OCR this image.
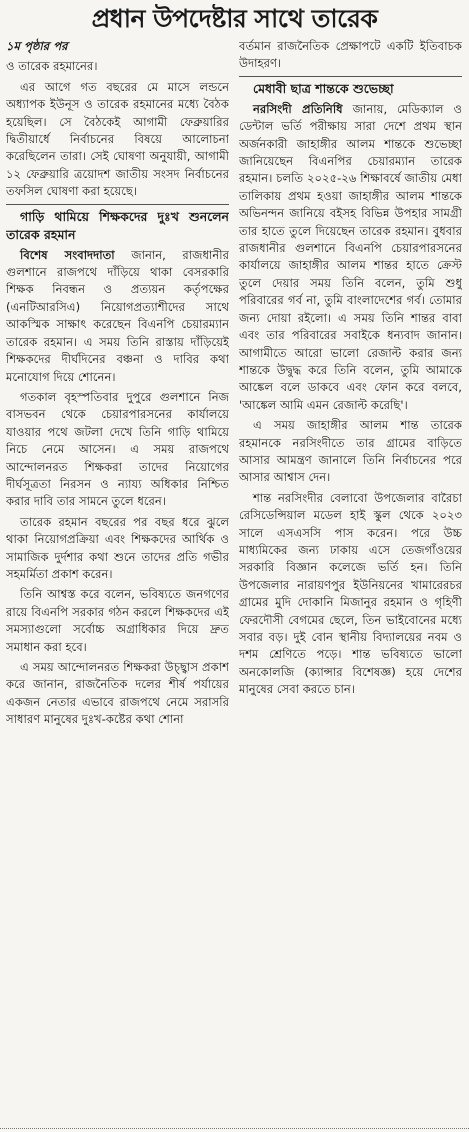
প্রধান উপদেষ্টার সাথে তারেক

১ম পৃষ্ঠার পর

ও তারেক রহমানের।

এর আগে গত বছরের মে মাসে লন্ডনে অধ্যাপক ইউনূস ও তারেক রহমানের মধ্যে বৈঠক হয়েছিল। সে বৈঠকেই আগামী ফেব্রুয়ারির দ্বিতীয়ার্ধে নির্বাচনের বিষয়ে আলোচনা করেছিলেন তারা। সেই ঘোষণা অনুযায়ী, আগামী ১২ ফেব্রুয়ারি ত্রয়োদশ জাতীয় সংসদ নির্বাচনের তফসিল ঘোষণা করা হয়েছে।

গাড়ি থামিয়ে শিক্ষকদের দুঃখ শুনলেন তারেক রহমান

বিশেষ সংবাদদাতা জানান, রাজধানীর গুলশানে রাজপথে দাঁড়িয়ে থাকা বেসরকারি শিক্ষক নিবন্ধন ও প্রত্যয়ন কর্তৃপক্ষের (এনটিআরসিএ) নিয়োগপ্রত্যাশীদের সাথে আকস্মিক সাক্ষাৎ করেছেন বিএনপি চেয়ারম্যান তারেক রহমান। এ সময় তিনি রাস্তায় দাঁড়িয়েই শিক্ষকদের দীর্ঘদিনের বঞ্চনা ও দাবির কথা মনোযোগ দিয়ে শোনেন।

গতকাল বৃহস্পতিবার দুপুরে গুলশানে নিজ বাসভবন থেকে চেয়ারপারসনের কার্যালয়ে যাওয়ার পথে জটলা দেখে তিনি গাড়ি থামিয়ে নিচে নেমে আসেন। এ সময় রাজপথে আন্দোলনরত শিক্ষকরা তাদের নিয়োগের দীর্ঘসূত্রতা নিরসন ও ন্যায্য অধিকার নিশ্চিত করার দাবি তার সামনে তুলে ধরেন।

তারেক রহমান বছরের পর বছর ধরে ঝুলে থাকা নিয়োগপ্রক্রিয়া এবং শিক্ষকদের আর্থিক ও সামাজিক দুর্দশার কথা শুনে তাদের প্রতি গভীর সহমর্মিতা প্রকাশ করেন।

তিনি আশ্বস্ত করে বলেন, ভবিষ্যতে জনগণের রায়ে বিএনপি সরকার গঠন করলে শিক্ষকদের এই সমস্যাগুলো সর্বোচ্চ অগ্রাধিকার দিয়ে দ্রুত সমাধান করা হবে।

এ সময় আন্দোলনরত শিক্ষকরা উচ্ছ্বাস প্রকাশ করে জানান, রাজনৈতিক দলের শীর্ষ পর্যায়ের একজন নেতার এভাবে রাজপথে নেমে সরাসরি সাধারণ মানুষের দুঃখ-কষ্টের কথা শোনা

বর্তমান রাজনৈতিক প্রেক্ষাপটে একটি ইতিবাচক উদাহরণ।

মেধাবী ছাত্র শান্তকে শুভেচ্ছা

নরসিংদী প্রতিনিধি জানায়, মেডিক্যাল ও ডেন্টাল ভর্তি পরীক্ষায় সারা দেশে প্রথম স্থান অর্জনকারী জাহাঙ্গীর আলম শান্তকে শুভেচ্ছা জানিয়েছেন বিএনপির চেয়ারম্যান তারেক রহমান। চলতি ২০২৫-২৬ শিক্ষাবর্ষে জাতীয় মেধা তালিকায় প্রথম হওয়া জাহাঙ্গীর আলম শান্তকে অভিনন্দন জানিয়ে বইসহ বিভিন্ন উপহার সামগ্রী তার হাতে তুলে দিয়েছেন তারেক রহমান। বুধবার রাজধানীর গুলশানে বিএনপি চেয়ারপারসনের কার্যালয়ে জাহাঙ্গীর আলম শান্তর হাতে ক্রেস্ট তুলে দেয়ার সময় তিনি বলেন, তুমি শুধু পরিবারের গর্ব না, তুমি বাংলাদেশের গর্ব। তোমার জন্য দোয়া রইলো। এ সময় তিনি শান্তর বাবা এবং তার পরিবারের সবাইকে ধন্যবাদ জানান। আগামীতে আরো ভালো রেজাল্ট করার জন্য শান্তকে উদ্বুদ্ধ করে তিনি বলেন, তুমি আমাকে আঙ্কেল বলে ডাকবে এবং ফোন করে বলবে, 'আঙ্কেল আমি এমন রেজাল্ট করেছি'।

এ সময় জাহাঙ্গীর আলম শান্ত তারেক রহমানকে নরসিংদীতে তার গ্রামের বাড়িতে আসার আমন্ত্রণ জানালে তিনি নির্বাচনের পরে আসার আশ্বাস দেন।

শান্ত নরসিংদীর বেলাবো উপজেলার বারৈচা রেসিডেন্সিয়াল মডেল হাই স্কুল থেকে ২০২৩ সালে এসএসসি পাস করেন। পরে উচ্চ মাধ্যমিকের জন্য ঢাকায় এসে তেজগাঁওয়ের সরকারি বিজ্ঞান কলেজে ভর্তি হন। তিনি উপজেলার নারায়ণপুর ইউনিয়নের খামারেরচর গ্রামের মুদি দোকানি মিজানুর রহমান ও গৃহিণী ফেরদৌসী বেগমের ছেলে, তিন ভাইবোনের মধ্যে সবার বড়। দুই বোন স্থানীয় বিদ্যালয়ের নবম ও দশম শ্রেণিতে পড়ে। শান্ত ভবিষ্যতে ভালো অনকোলজি (ক্যান্সার বিশেষজ্ঞ) হয়ে দেশের মানুষের সেবা করতে চান।
